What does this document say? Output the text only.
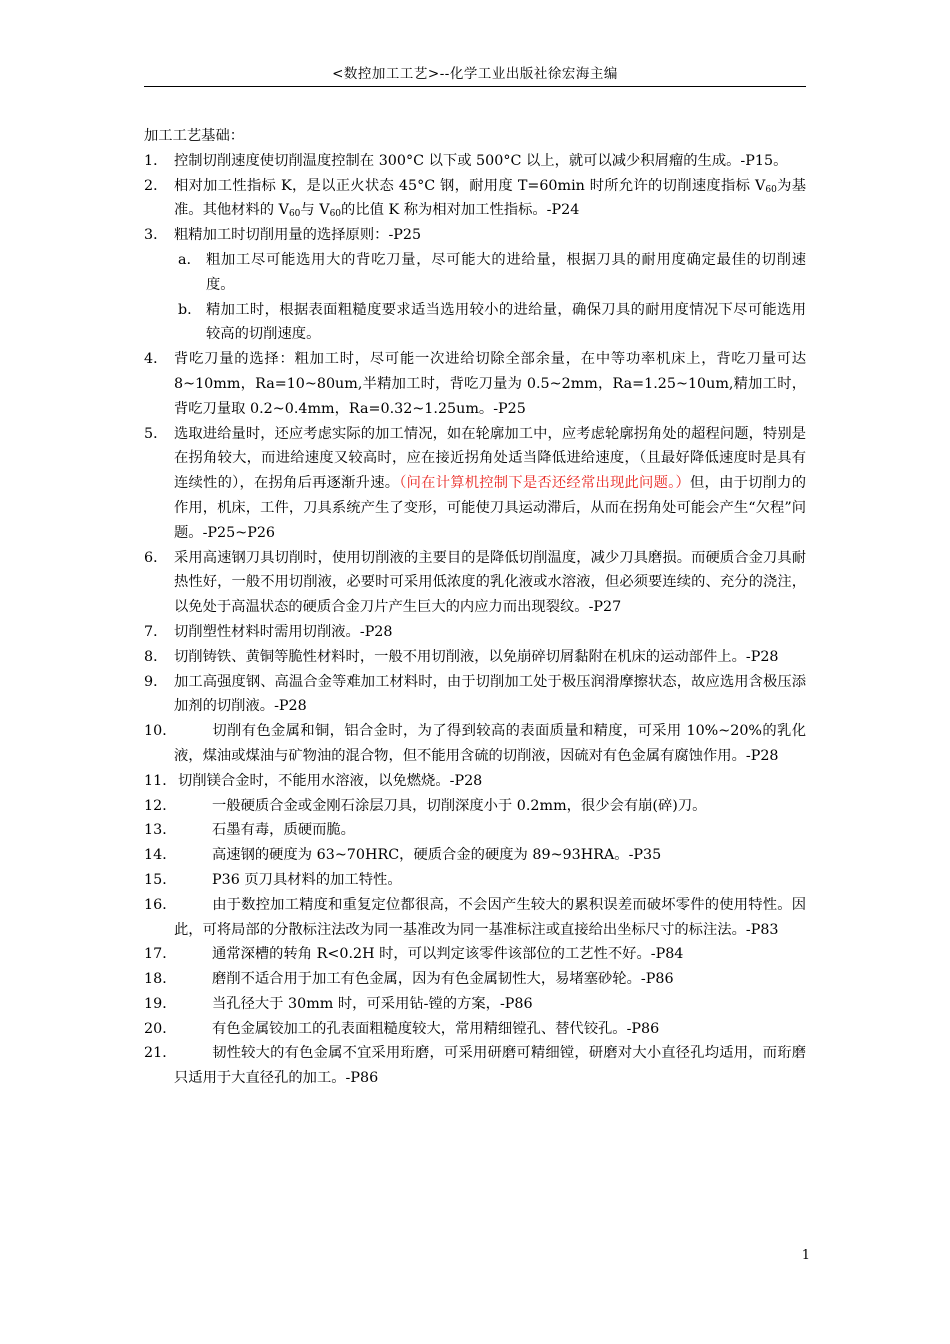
<数控加工工艺>--化学工业出版社徐宏海主编

加工工艺基础：

1． 控制切削速度使切削温度控制在 300°C 以下或 500°C 以上，就可以减少积屑瘤的生成。-P15。

2． 相对加工性指标 K，是以正火状态 45°C 钢，耐用度 T=60min 时所允许的切削速度指标 $V_{60}$为基准。其他材料的 $V_{60}$与 $V_{60}$的比值 K 称为相对加工性指标。-P24

3． 粗精加工时切削用量的选择原则：-P25

a. 粗加工尽可能选用大的背吃刀量，尽可能大的进给量，根据刀具的耐用度确定最佳的切削速度。

b. 精加工时，根据表面粗糙度要求适当选用较小的进给量，确保刀具的耐用度情况下尽可能选用较高的切削速度。

4． 背吃刀量的选择：粗加工时，尽可能一次进给切除全部余量，在中等功率机床上，背吃刀量可达 8~10mm，Ra=10~80um,半精加工时，背吃刀量为 0.5~2mm，Ra=1.25~10um,精加工时，背吃刀量取 0.2~0.4mm，Ra=0.32~1.25um。-P25

5． 选取进给量时，还应考虑实际的加工情况，如在轮廓加工中，应考虑轮廓拐角处的超程问题，特别是在拐角较大，而进给速度又较高时，应在接近拐角处适当降低进给速度，（且最好降低速度时是具有连续性的），在拐角后再逐渐升速。（问在计算机控制下是否还经常出现此问题。）但，由于切削力的作用，机床，工件，刀具系统产生了变形，可能使刀具运动滞后，从而在拐角处可能会产生“欠程”问题。-P25~P26

6． 采用高速钢刀具切削时，使用切削液的主要目的是降低切削温度，减少刀具磨损。而硬质合金刀具耐热性好，一般不用切削液，必要时可采用低浓度的乳化液或水溶液，但必须要连续的、充分的浇注，以免处于高温状态的硬质合金刀片产生巨大的内应力而出现裂纹。-P27

7． 切削塑性材料时需用切削液。-P28

8． 切削铸铁、黄铜等脆性材料时，一般不用切削液，以免崩碎切屑黏附在机床的运动部件上。-P28

9． 加工高强度钢、高温合金等难加工材料时，由于切削加工处于极压润滑摩擦状态，故应选用含极压添加剂的切削液。-P28

10． 切削有色金属和铜，铝合金时，为了得到较高的表面质量和精度，可采用 10%~20%的乳化液，煤油或煤油与矿物油的混合物，但不能用含硫的切削液，因硫对有色金属有腐蚀作用。-P28

11． 切削镁合金时，不能用水溶液，以免燃烧。-P28

12． 一般硬质合金或金刚石涂层刀具，切削深度小于 0.2mm，很少会有崩(碎)刀。

13． 石墨有毒，质硬而脆。

14． 高速钢的硬度为 63~70HRC，硬质合金的硬度为 89~93HRA。-P35

15． P36 页刀具材料的加工特性。

16． 由于数控加工精度和重复定位都很高，不会因产生较大的累积误差而破坏零件的使用特性。因此，可将局部的分散标注法改为同一基准改为同一基准标注或直接给出坐标尺寸的标注法。-P83

17． 通常深槽的转角 R<0.2H 时，可以判定该零件该部位的工艺性不好。-P84

18． 磨削不适合用于加工有色金属，因为有色金属韧性大，易堵塞砂轮。-P86

19． 当孔径大于 30mm 时，可采用钻-镗的方案，-P86

20． 有色金属铰加工的孔表面粗糙度较大，常用精细镗孔、替代铰孔。-P86

21． 韧性较大的有色金属不宜采用珩磨，可采用研磨可精细镗，研磨对大小直径孔均适用，而珩磨只适用于大直径孔的加工。-P86

1
